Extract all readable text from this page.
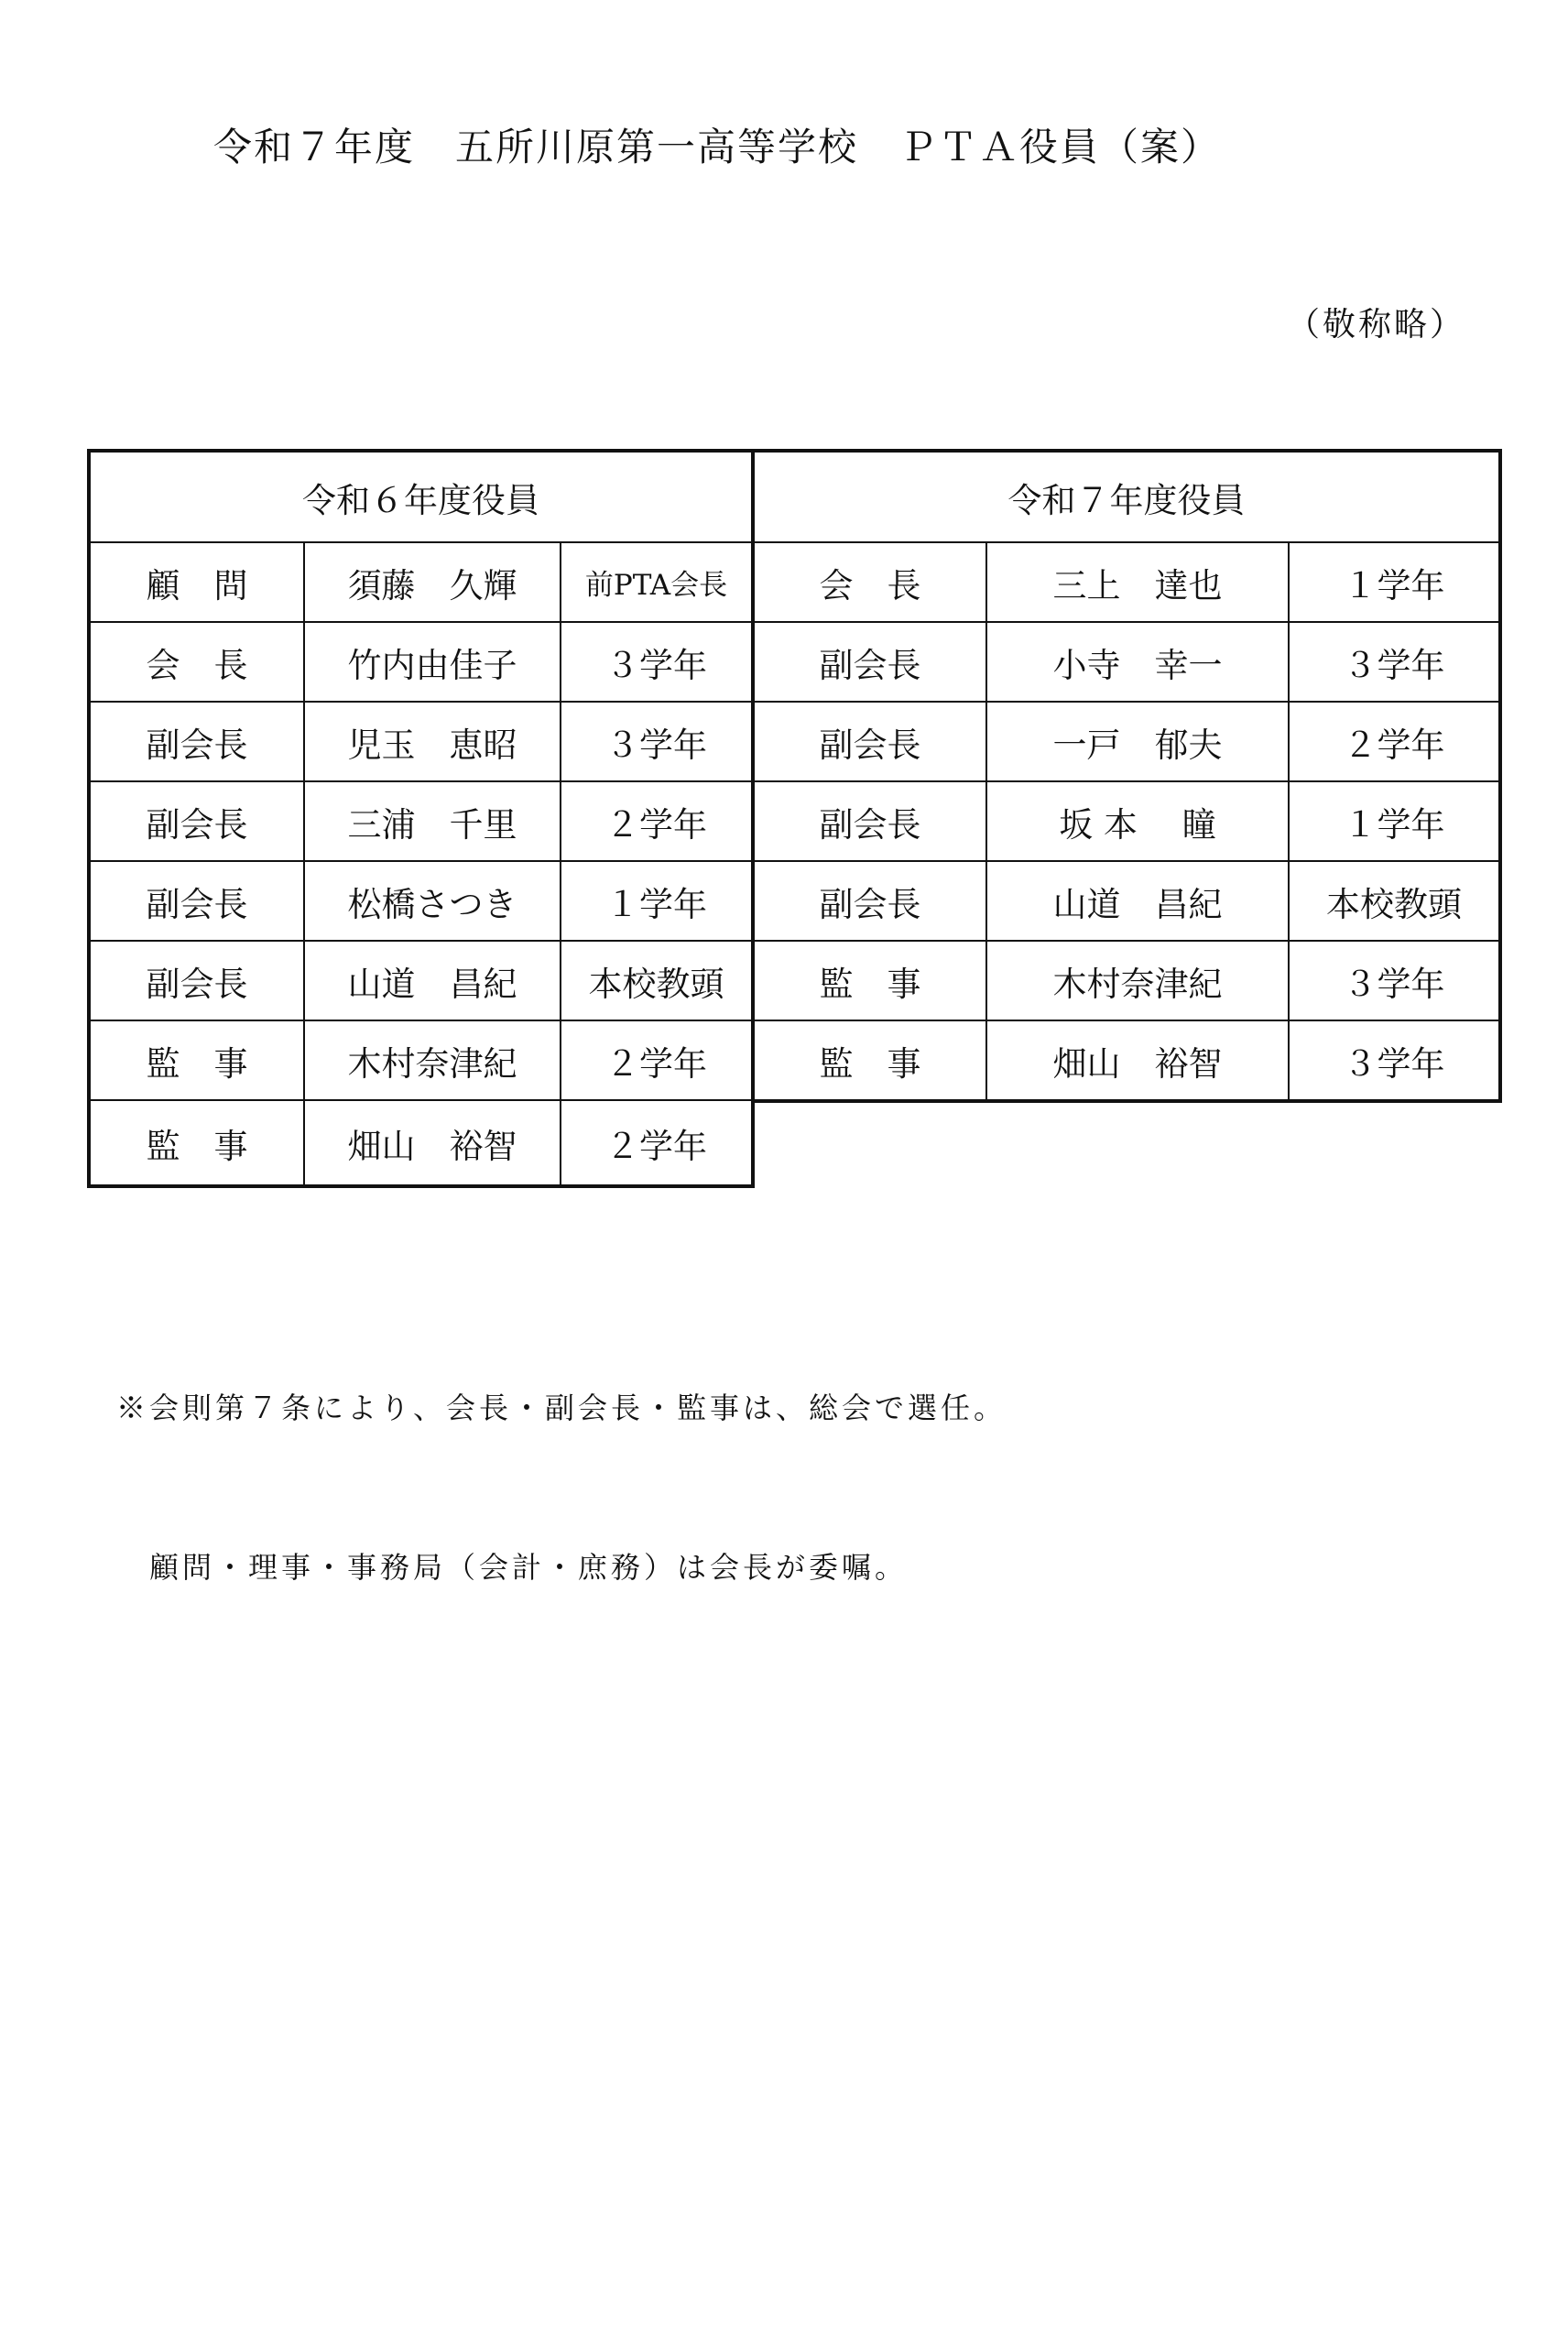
令和７年度　五所川原第一高等学校　ＰＴＡ役員（案）
（敬称略）
令和６年度役員		
顧　問	須藤　久輝	前PTA会長
会　長	竹内由佳子	３学年
副会長	児玉　恵昭	３学年
副会長	三浦　千里	２学年
副会長	松橋さつき	１学年
副会長	山道　昌紀	本校教頭
監　事	木村奈津紀	２学年
監　事	畑山　裕智	２学年
令和７年度役員		
会　長	三上　達也	１学年
副会長	小寺　幸一	３学年
副会長	一戸　郁夫	２学年
副会長	坂 本　 瞳	１学年
副会長	山道　昌紀	本校教頭
監　事	木村奈津紀	３学年
監　事	畑山　裕智	３学年

※会則第７条により、会長・副会長・監事は、総会で選任。

　顧問・理事・事務局（会計・庶務）は会長が委嘱。
